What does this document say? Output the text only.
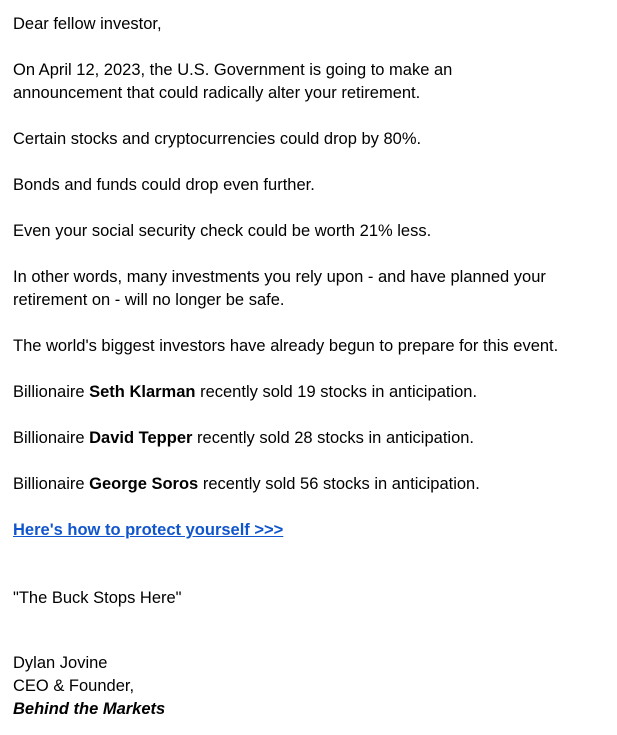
Dear fellow investor,

On April 12, 2023, the U.S. Government is going to make an
announcement that could radically alter your retirement.

Certain stocks and cryptocurrencies could drop by 80%.

Bonds and funds could drop even further.

Even your social security check could be worth 21% less.

In other words, many investments you rely upon - and have planned your
retirement on - will no longer be safe.

The world's biggest investors have already begun to prepare for this event.

Billionaire Seth Klarman recently sold 19 stocks in anticipation.

Billionaire David Tepper recently sold 28 stocks in anticipation.

Billionaire George Soros recently sold 56 stocks in anticipation.

Here's how to protect yourself >>>

"The Buck Stops Here"

Dylan Jovine
CEO & Founder,
Behind the Markets
